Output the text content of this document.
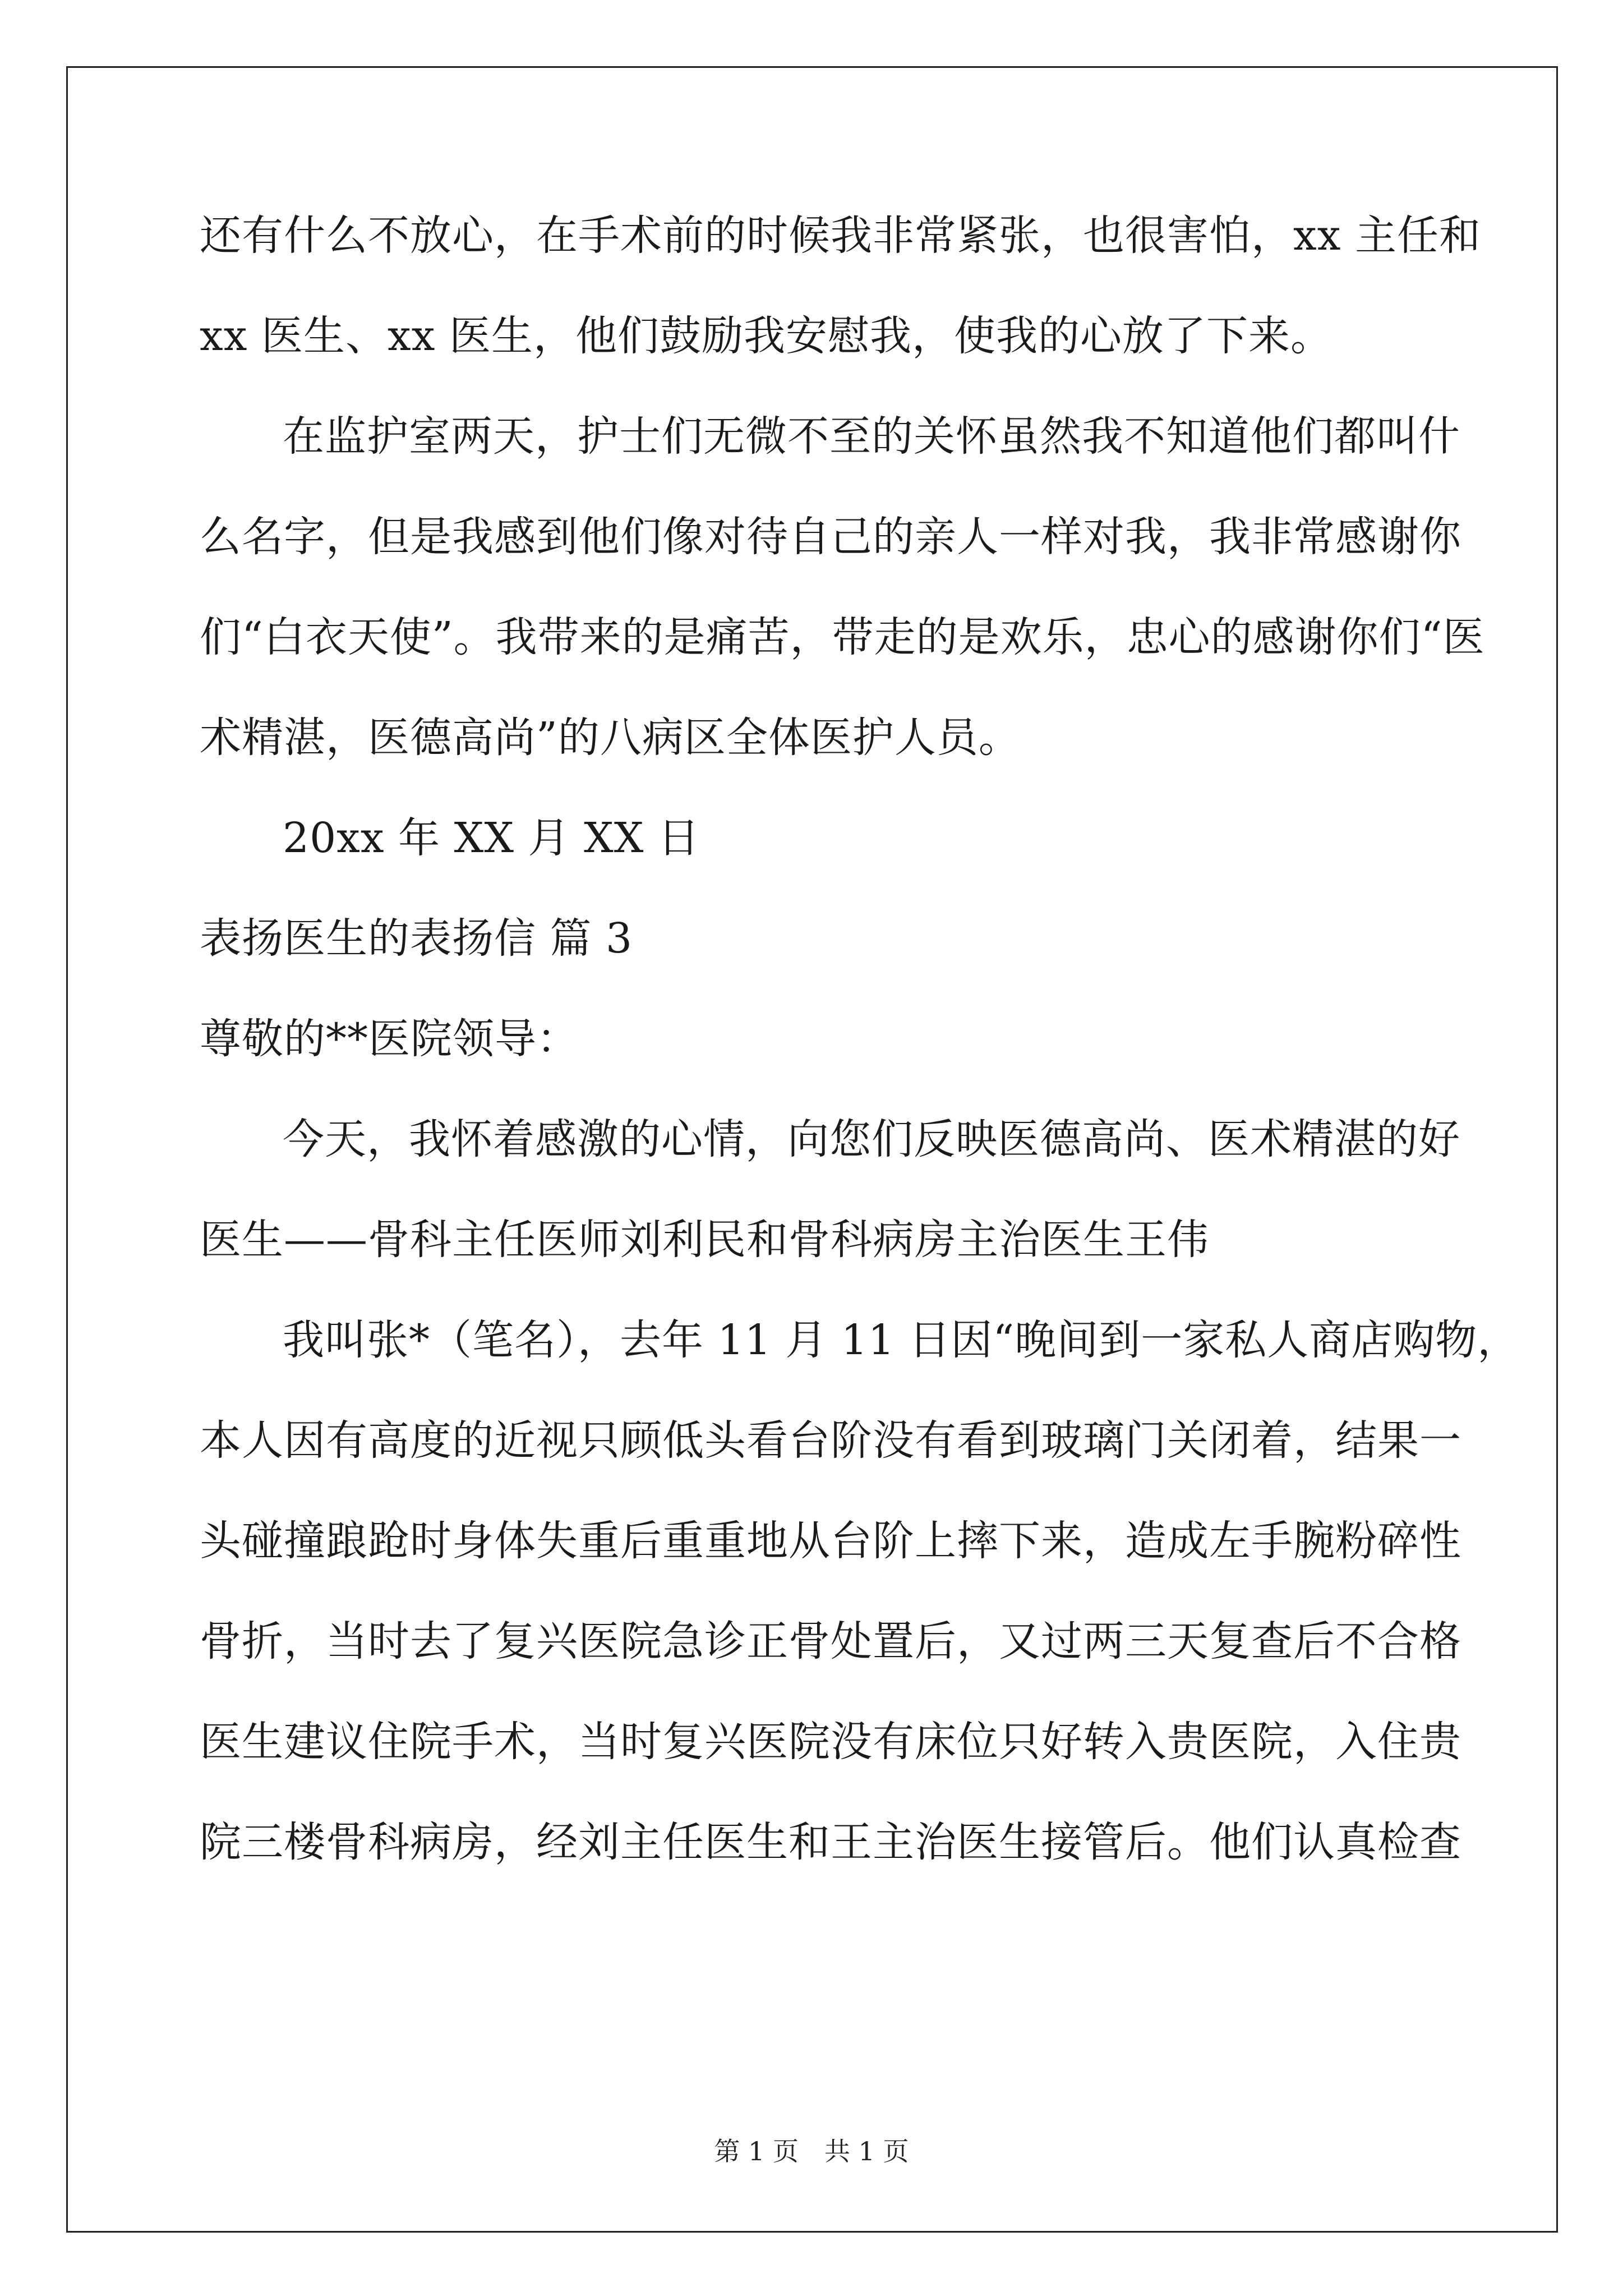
还有什么不放心，在手术前的时候我非常紧张，也很害怕，xx 主任和
xx 医生、xx 医生，他们鼓励我安慰我，使我的心放了下来。
在监护室两天，护士们无微不至的关怀虽然我不知道他们都叫什
么名字，但是我感到他们像对待自己的亲人一样对我，我非常感谢你
们“白衣天使”。我带来的是痛苦，带走的是欢乐，忠心的感谢你们“医
术精湛，医德高尚”的八病区全体医护人员。
20xx 年 XX 月 XX 日
表扬医生的表扬信 篇 3
尊敬的**医院领导：
今天，我怀着感激的心情，向您们反映医德高尚、医术精湛的好
医生——骨科主任医师刘利民和骨科病房主治医生王伟
我叫张*（笔名），去年 11 月 11 日因“晚间到一家私人商店购物，
本人因有高度的近视只顾低头看台阶没有看到玻璃门关闭着，结果一
头碰撞踉跄时身体失重后重重地从台阶上摔下来，造成左手腕粉碎性
骨折，当时去了复兴医院急诊正骨处置后，又过两三天复查后不合格
医生建议住院手术，当时复兴医院没有床位只好转入贵医院，入住贵
院三楼骨科病房，经刘主任医生和王主治医生接管后。他们认真检查
第 1 页　共 1 页
